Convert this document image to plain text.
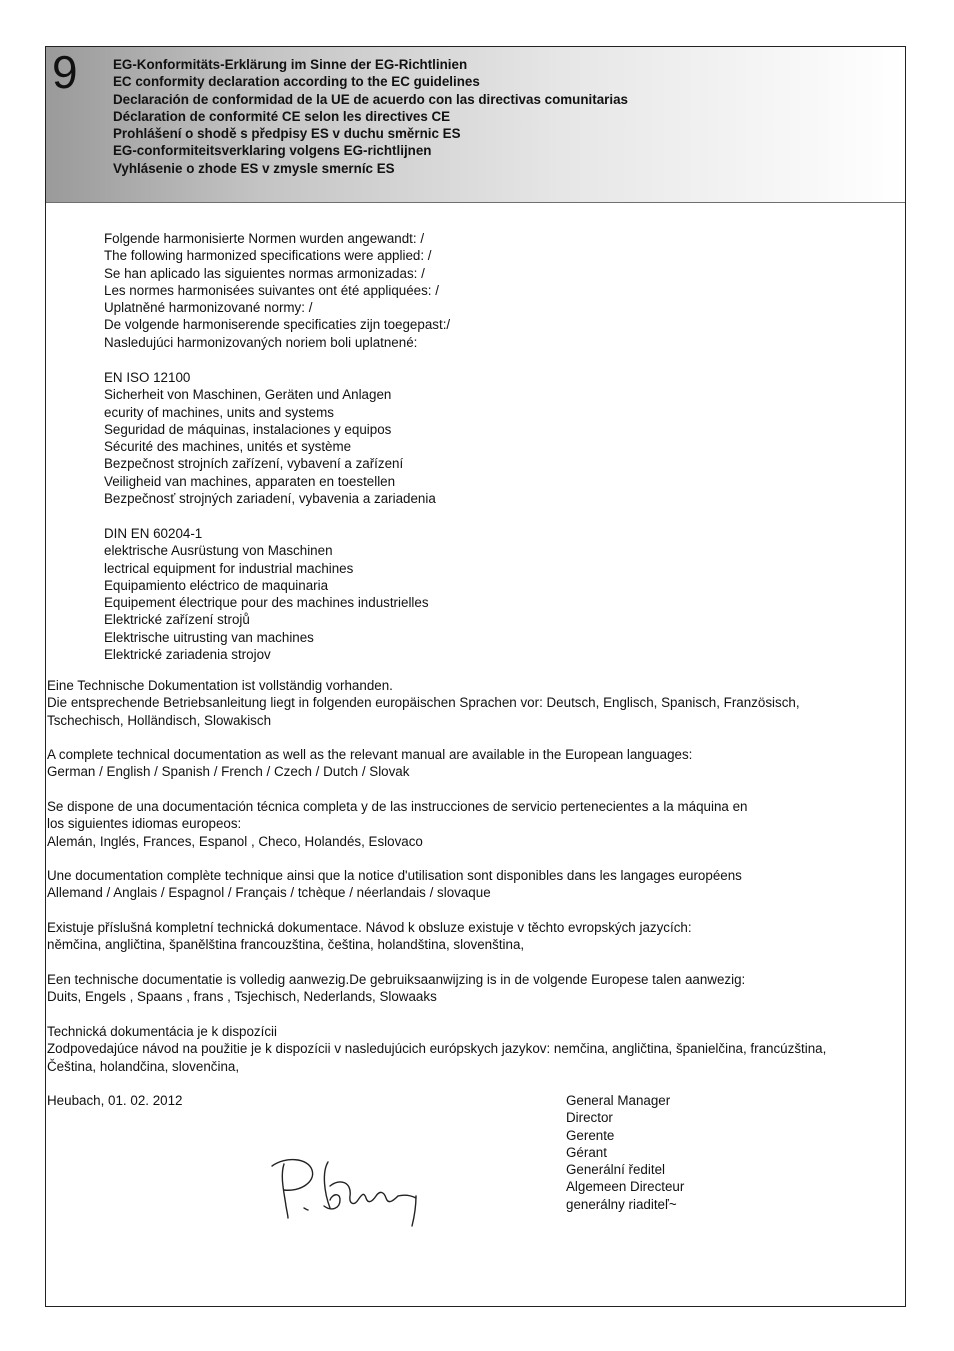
9	EG-Konformitäts-Erklärung im Sinne der EG-Richtlinien
EC conformity declaration according to the EC guidelines
Declaración de conformidad de la UE de acuerdo con las directivas comunitarias
Déclaration de conformité CE selon les directives CE
Prohlášení o shodě s předpisy ES v duchu směrnic ES
EG-conformiteitsverklaring volgens EG-richtlijnen
Vyhlásenie o zhode ES v zmysle smerníc ES
Folgende harmonisierte Normen wurden angewandt: /
The following harmonized specifications were applied: /
Se han aplicado las siguientes normas armonizadas: /
Les normes harmonisées suivantes ont été appliquées: /
Uplatněné harmonizované normy: /
De volgende harmoniserende specificaties zijn toegepast:/
Nasledujúci harmonizovaných noriem boli uplatnené:
EN ISO 12100
Sicherheit von Maschinen, Geräten und Anlagen
ecurity of machines, units and systems
Seguridad de máquinas, instalaciones y equipos
Sécurité des machines, unités et système
Bezpečnost strojních zařízení, vybavení a zařízení
Veiligheid van machines, apparaten en toestellen
Bezpečnosť strojných zariadení, vybavenia a zariadenia
DIN EN 60204-1
elektrische Ausrüstung von Maschinen
lectrical equipment for industrial machines
Equipamiento eléctrico de maquinaria
Equipement électrique pour des machines industrielles
Elektrické zařízení strojů
Elektrische uitrusting van machines
Elektrické zariadenia strojov
Eine Technische Dokumentation ist vollständig vorhanden.
Die entsprechende Betriebsanleitung liegt in folgenden europäischen Sprachen vor: Deutsch, Englisch, Spanisch, Französisch,
Tschechisch, Holländisch, Slowakisch
A complete technical documentation as well as the relevant manual are available in the European languages:
German / English / Spanish / French / Czech / Dutch / Slovak
Se dispone de una documentación técnica completa y de las instrucciones de servicio pertenecientes a la máquina en
los siguientes idiomas europeos:
Alemán, Inglés, Frances, Espanol , Checo, Holandés, Eslovaco
Une documentation complète technique ainsi que la notice d'utilisation sont disponibles dans les langages européens
Allemand / Anglais / Espagnol / Français / tchèque / néerlandais / slovaque
Existuje příslušná kompletní technická dokumentace. Návod k obsluze existuje v těchto evropských jazycích:
němčina, angličtina, španělština francouzština, čeština, holandština, slovenština,
Een technische documentatie is volledig aanwezig.De gebruiksaanwijzing is in de volgende Europese talen aanwezig:
Duits, Engels , Spaans , frans , Tsjechisch, Nederlands, Slowaaks
Technická dokumentácia je k dispozícii
Zodpovedajúce návod na použitie je k dispozícii v nasledujúcich európskych jazykov: nemčina, angličtina, španielčina, francúzština,
Čeština, holandčina, slovenčina,
Heubach, 01. 02. 2012	General Manager
Director
Gerente
Gérant
Generální ředitel
Algemeen Directeur
generálny riaditeľ~
